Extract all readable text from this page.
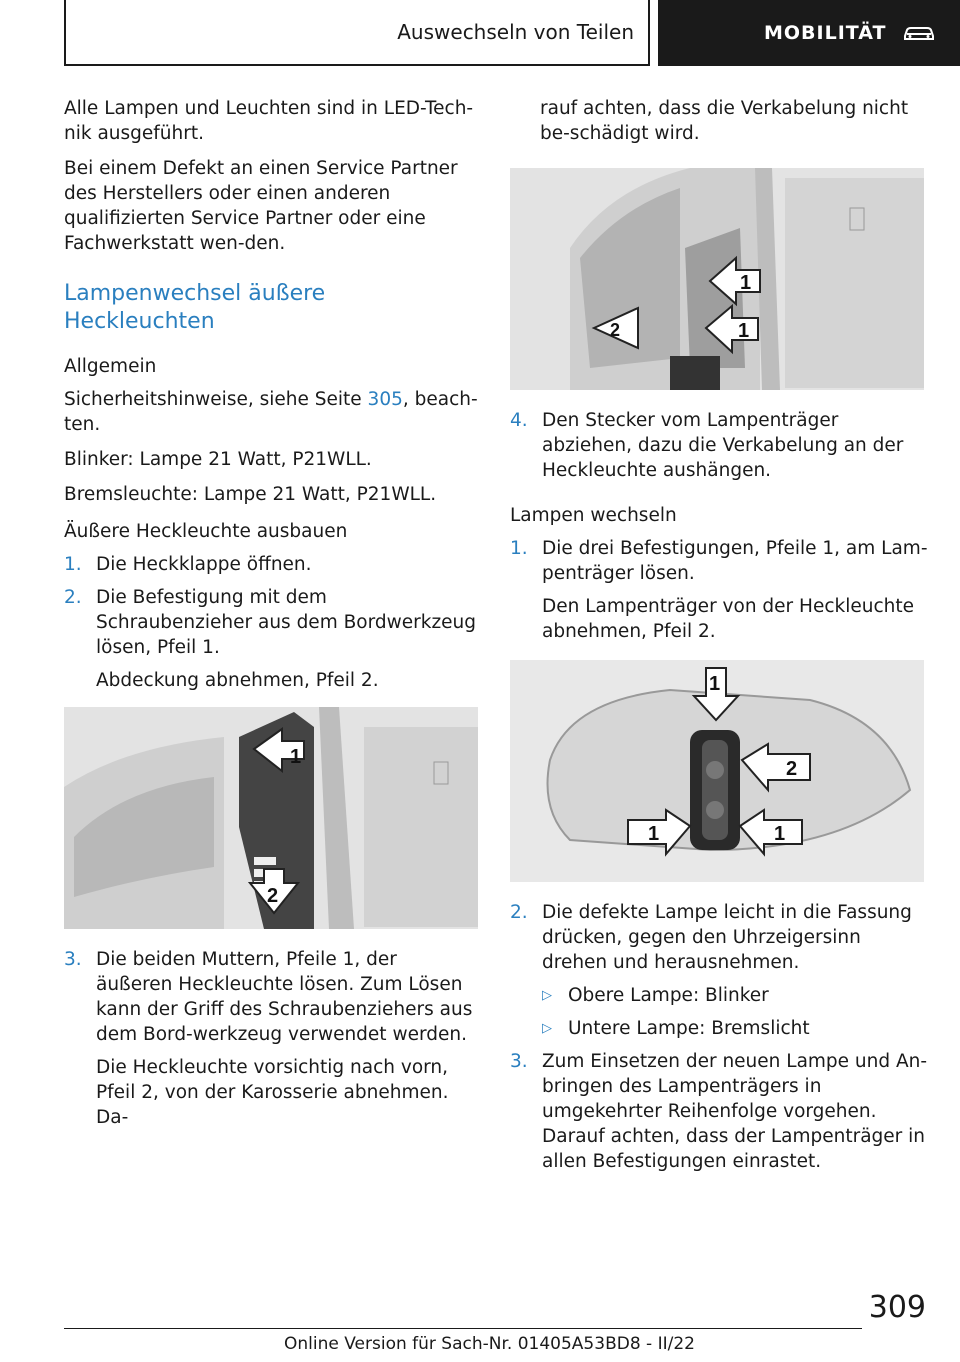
Auswechseln von Teilen	MOBILITÄT

Alle Lampen und Leuchten sind in LED-Tech-nik ausgeführt.

Bei einem Defekt an einen Service Partner des Herstellers oder einen anderen qualifizierten Service Partner oder eine Fachwerkstatt wen-den.

Lampenwechsel äußere Heckleuchten
Allgemein

Sicherheitshinweise, siehe Seite 305, beach-ten.

Blinker: Lampe 21 Watt, P21WLL.

Bremsleuchte: Lampe 21 Watt, P21WLL.

Äußere Heckleuchte ausbauen
1. Die Heckklappe öffnen.
2. Die Befestigung mit dem Schraubenzieher aus dem Bordwerkzeug lösen, Pfeil 1.
Abdeckung abnehmen, Pfeil 2.
1
2
3. Die beiden Muttern, Pfeile 1, der äußeren Heckleuchte lösen. Zum Lösen kann der Griff des Schraubenziehers aus dem Bord-werkzeug verwendet werden.
Die Heckleuchte vorsichtig nach vorn, Pfeil 2, von der Karosserie abnehmen. Da-

rauf achten, dass die Verkabelung nicht be-schädigt wird.

1
1
2
4. Den Stecker vom Lampenträger abziehen, dazu die Verkabelung an der Heckleuchte aushängen.
Lampen wechseln
1. Die drei Befestigungen, Pfeile 1, am Lam-penträger lösen.
Den Lampenträger von der Heckleuchte abnehmen, Pfeil 2.
1
2
1	1
2. Die defekte Lampe leicht in die Fassung drücken, gegen den Uhrzeigersinn drehen und herausnehmen.
▷ Obere Lampe: Blinker
▷ Untere Lampe: Bremslicht
3. Zum Einsetzen der neuen Lampe und An-bringen des Lampenträgers in umgekehrter Reihenfolge vorgehen. Darauf achten, dass der Lampenträger in allen Befestigungen einrastet.
309
Online Version für Sach-Nr. 01405A53BD8 - II/22
